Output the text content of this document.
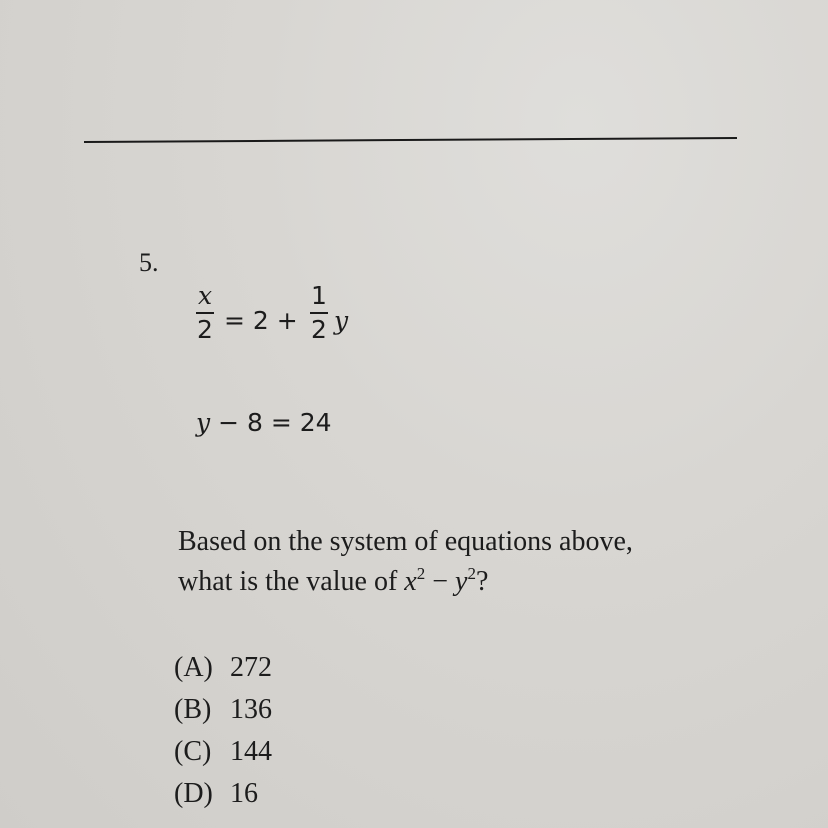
5.
x
2 = 2 +
1
2 y
y − 8 = 24
Based on the system of equations above,
what is the value of $x^2 - y^2$?
(A) 272
(B) 136
(C) 144
(D) 16
